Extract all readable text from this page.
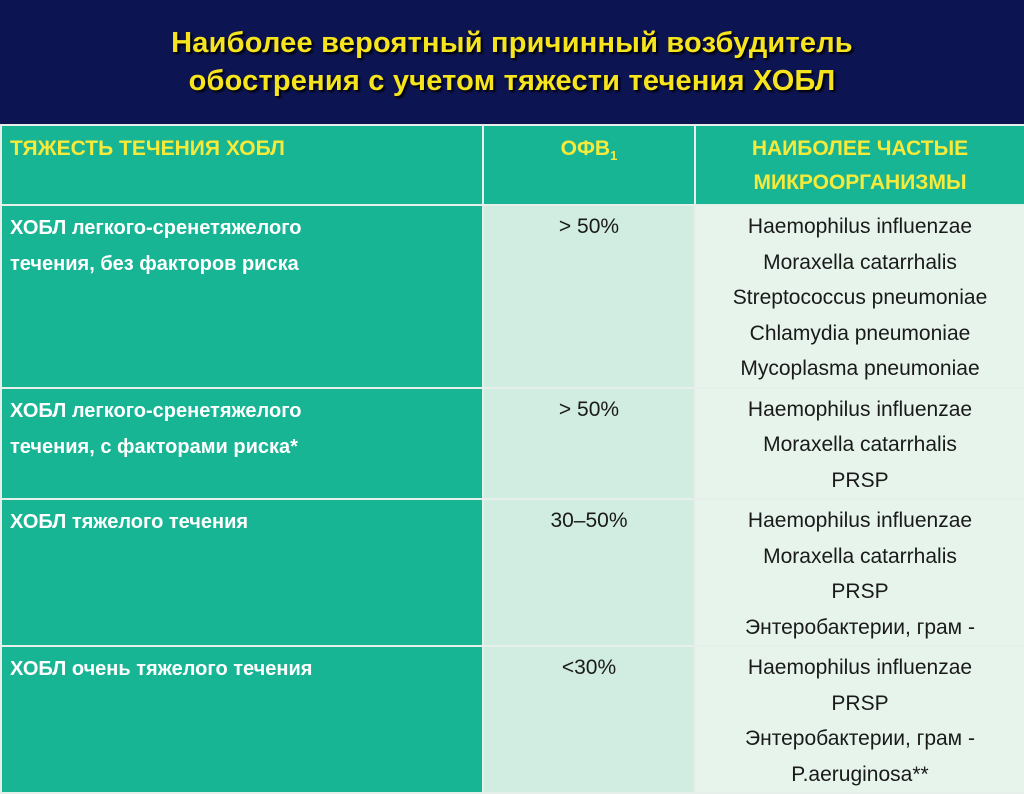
Наиболее вероятный причинный возбудитель
обострения с учетом тяжести течения ХОБЛ
ТЯЖЕСТЬ ТЕЧЕНИЯ ХОБЛ	$ОФВ_1$	НАИБОЛЕЕ ЧАСТЫЕ
МИКРООРГАНИЗМЫ

ХОБЛ легкого-сренетяжелого
течения, без факторов риска	> 50%	Haemophilus influenzae
Moraxella catarrhalis
Streptococcus pneumoniae
Chlamydia pneumoniae
Mycoplasma pneumoniae

ХОБЛ легкого-сренетяжелого
течения, с факторами риска*	> 50%	Haemophilus influenzae
Moraxella catarrhalis
PRSP

ХОБЛ тяжелого течения	30–50%	Haemophilus influenzae
Moraxella catarrhalis
PRSP
Энтеробактерии, грам -

ХОБЛ очень тяжелого течения	<30%	Haemophilus influenzae
PRSP
Энтеробактерии, грам -
P.aeruginosa**
